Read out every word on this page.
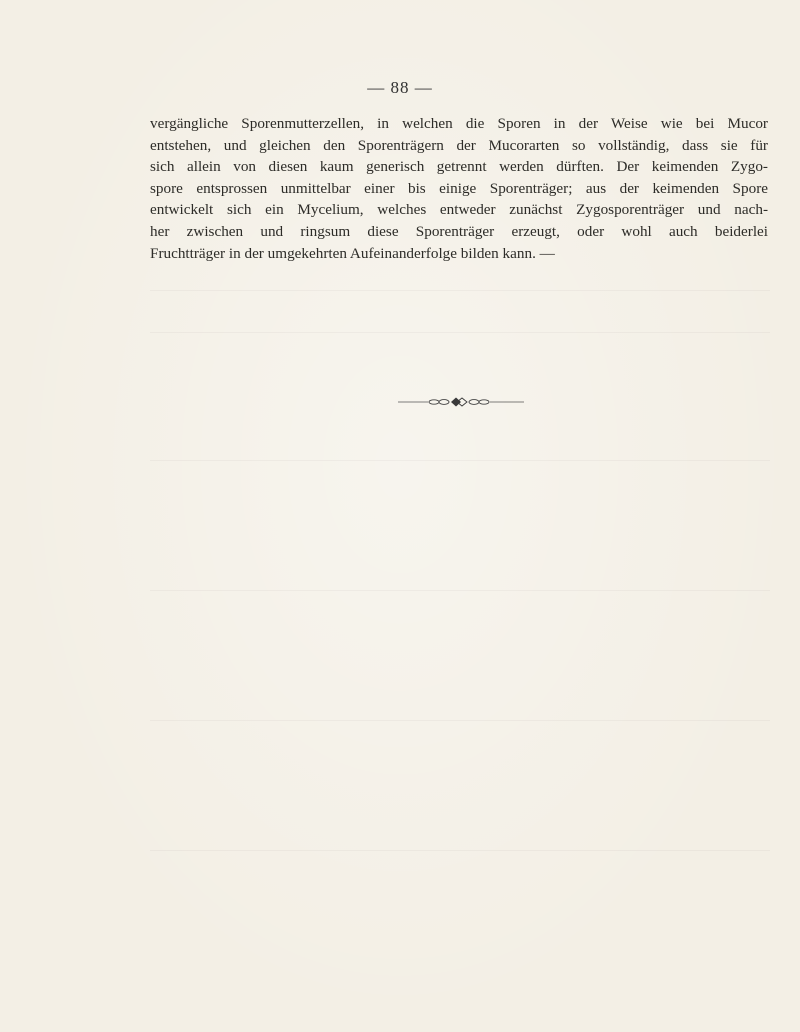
— 88 —

vergängliche Sporenmutterzellen, in welchen die Sporen in der Weise wie bei Mucor
entstehen, und gleichen den Sporenträgern der Mucorarten so vollständig, dass sie für
sich allein von diesen kaum generisch getrennt werden dürften. Der keimenden Zygo-
spore entsprossen unmittelbar einer bis einige Sporenträger; aus der keimenden Spore
entwickelt sich ein Mycelium, welches entweder zunächst Zygosporenträger und nach-
her zwischen und ringsum diese Sporenträger erzeugt, oder wohl auch beiderlei
Fruchtträger in der umgekehrten Aufeinanderfolge bilden kann. —
